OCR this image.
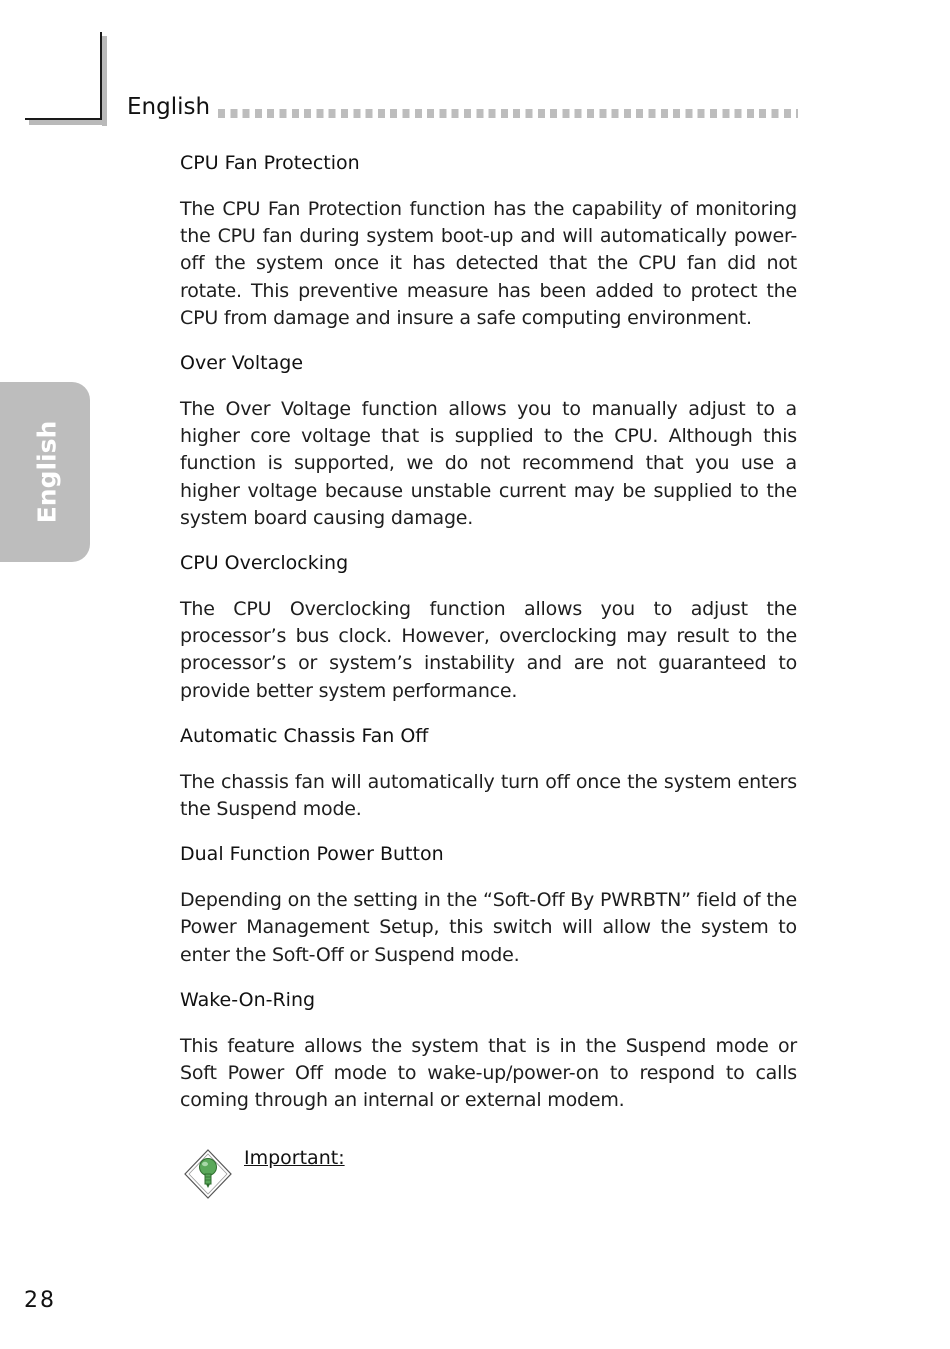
English
English
CPU Fan Protection

The CPU Fan Protection function has the capability of monitoring the CPU fan during system boot-up and will automatically power-off the system once it has detected that the CPU fan did not rotate. This preventive measure has been added to protect the CPU from damage and insure a safe computing environment.

Over Voltage

The Over Voltage function allows you to manually adjust to a higher core voltage that is supplied to the CPU. Although this function is supported, we do not recommend that you use a higher voltage because unstable current may be supplied to the system board causing damage.

CPU Overclocking

The CPU Overclocking function allows you to adjust the processor’s bus clock. However, overclocking may result to the processor’s or system’s instability and are not guaranteed to provide better system performance.

Automatic Chassis Fan Off

The chassis fan will automatically turn off once the system enters the Suspend mode.

Dual Function Power Button

Depending on the setting in the “Soft-Off By PWRBTN” field of the Power Management Setup, this switch will allow the system to enter the Soft-Off or Suspend mode.

Wake-On-Ring

This feature allows the system that is in the Suspend mode or Soft Power Off mode to wake-up/power-on to respond to calls coming through an internal or external modem.

Important:
28
